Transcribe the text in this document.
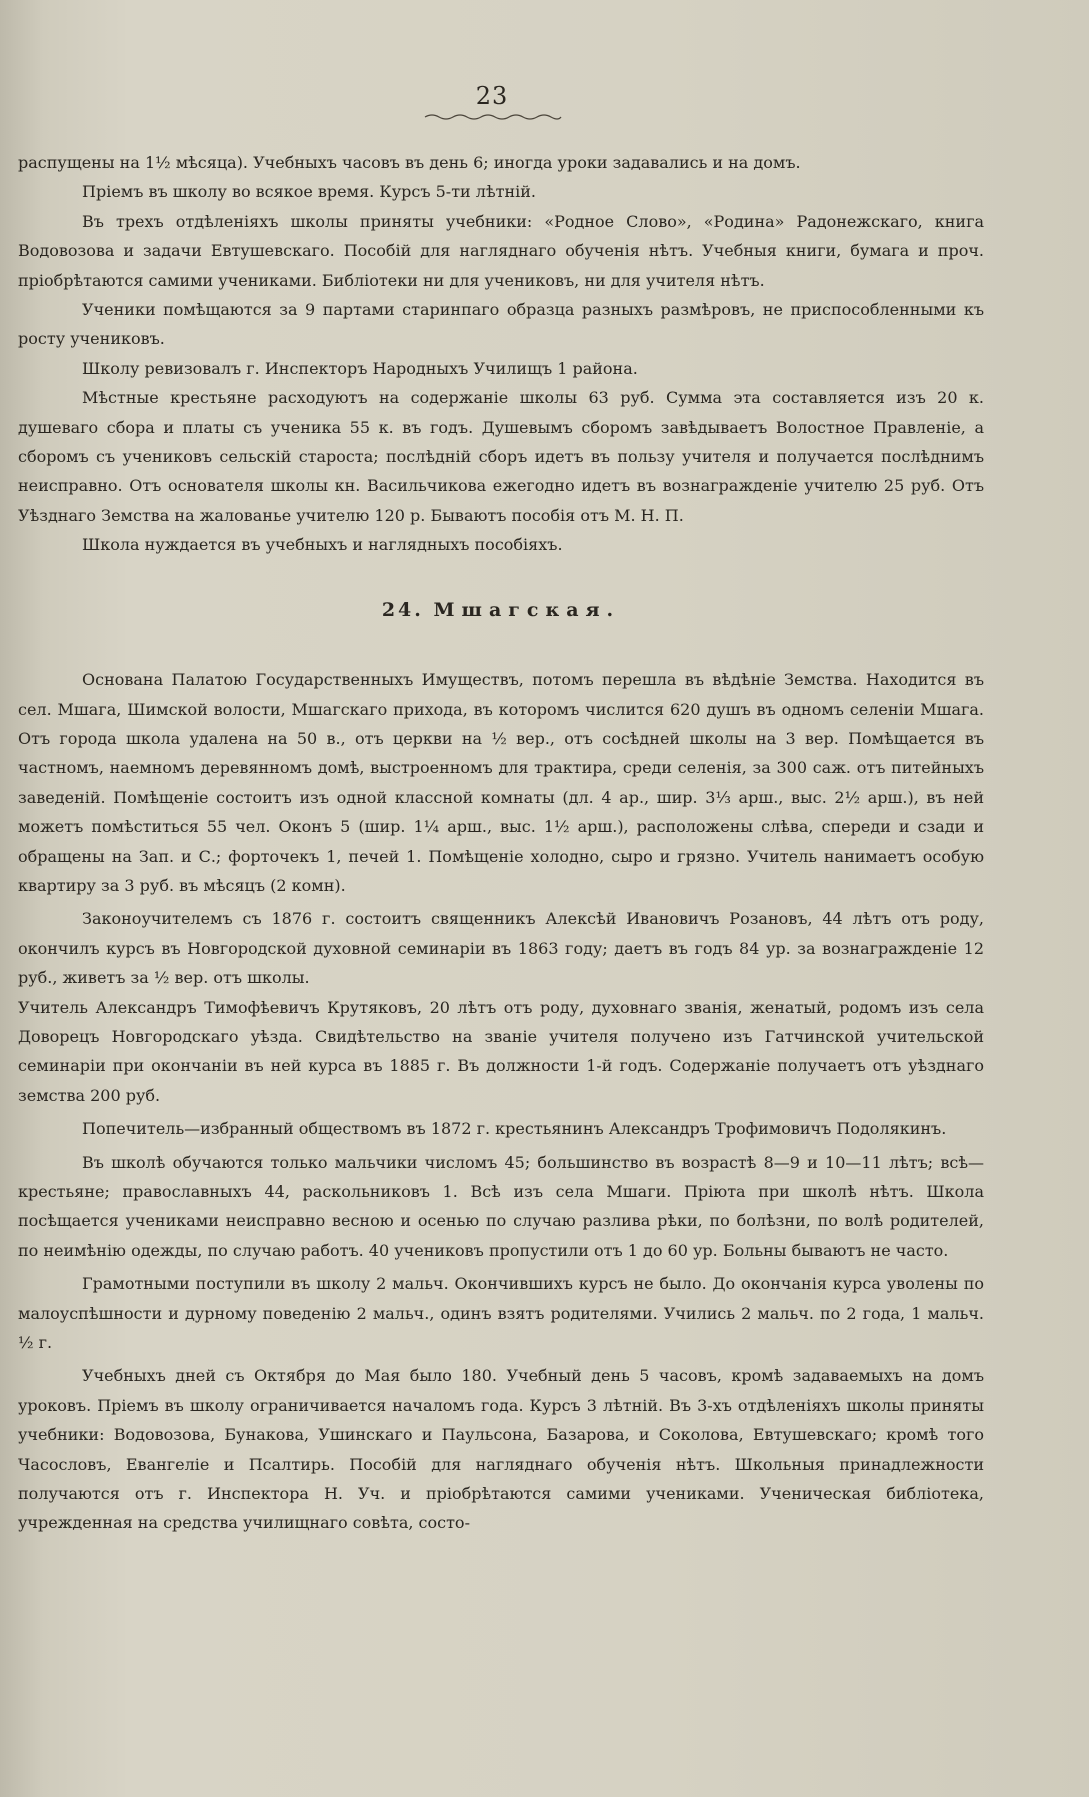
23

распущены на 1½ мѣсяца). Учебныхъ часовъ въ день 6; иногда уроки задавались и на домъ.

Пріемъ въ школу во всякое время. Курсъ 5-ти лѣтній.

Въ трехъ отдѣленіяхъ школы приняты учебники: «Родное Слово», «Родина» Радонежскаго, книга Водовозова и задачи Евтушевскаго. Пособій для нагляднаго обученія нѣтъ. Учебныя книги, бумага и проч. пріобрѣтаются самими учениками. Библіотеки ни для учениковъ, ни для учителя нѣтъ.

Ученики помѣщаются за 9 партами старинпаго образца разныхъ размѣровъ, не приспособленными къ росту учениковъ.

Школу ревизовалъ г. Инспекторъ Народныхъ Училищъ 1 района.

Мѣстные крестьяне расходуютъ на содержаніе школы 63 руб. Сумма эта составляется изъ 20 к. душеваго сбора и платы съ ученика 55 к. въ годъ. Душевымъ сборомъ завѣдываетъ Волостное Правленіе, а сборомъ съ учениковъ сельскій староста; послѣдній сборъ идетъ въ пользу учителя и получается послѣднимъ неисправно. Отъ основателя школы кн. Васильчикова ежегодно идетъ въ вознагражденіе учителю 25 руб. Отъ Уѣзднаго Земства на жалованье учителю 120 р. Бываютъ пособія отъ М. Н. П.

Школа нуждается въ учебныхъ и наглядныхъ пособіяхъ.

24. Мшагская.

Основана Палатою Государственныхъ Имуществъ, потомъ перешла въ вѣдѣніе Земства. Находится въ сел. Мшага, Шимской волости, Мшагскаго прихода, въ которомъ числится 620 душъ въ одномъ селеніи Мшага. Отъ города школа удалена на 50 в., отъ церкви на ½ вер., отъ сосѣдней школы на 3 вер. Помѣщается въ частномъ, наемномъ деревянномъ домѣ, выстроенномъ для трактира, среди селенія, за 300 саж. отъ питейныхъ заведеній. Помѣщеніе состоитъ изъ одной классной комнаты (дл. 4 ар., шир. 3⅓ арш., выс. 2½ арш.), въ ней можетъ помѣститься 55 чел. Оконъ 5 (шир. 1¼ арш., выс. 1½ арш.), расположены слѣва, спереди и сзади и обращены на Зап. и С.; форточекъ 1, печей 1. Помѣщеніе холодно, сыро и грязно. Учитель нанимаетъ особую квартиру за 3 руб. въ мѣсяцъ (2 комн).

Законоучителемъ съ 1876 г. состоитъ священникъ Алексѣй Ивановичъ Розановъ, 44 лѣтъ отъ роду, окончилъ курсъ въ Новгородской духовной семинаріи въ 1863 году; даетъ въ годъ 84 ур. за вознагражденіе 12 руб., живетъ за ½ вер. отъ школы.

Учитель Александръ Тимофѣевичъ Крутяковъ, 20 лѣтъ отъ роду, духовнаго званія, женатый, родомъ изъ села Доворецъ Новгородскаго уѣзда. Свидѣтельство на званіе учителя получено изъ Гатчинской учительской семинаріи при окончаніи въ ней курса въ 1885 г. Въ должности 1-й годъ. Содержаніе получаетъ отъ уѣзднаго земства 200 руб.

Попечитель—избранный обществомъ въ 1872 г. крестьянинъ Александръ Трофимовичъ Подолякинъ.

Въ школѣ обучаются только мальчики числомъ 45; большинство въ возрастѣ 8—9 и 10—11 лѣтъ; всѣ—крестьяне; православныхъ 44, раскольниковъ 1. Всѣ изъ села Мшаги. Пріюта при школѣ нѣтъ. Школа посѣщается учениками неисправно весною и осенью по случаю разлива рѣки, по болѣзни, по волѣ родителей, по неимѣнію одежды, по случаю работъ. 40 учениковъ пропустили отъ 1 до 60 ур. Больны бываютъ не часто.

Грамотными поступили въ школу 2 мальч. Окончившихъ курсъ не было. До окончанія курса уволены по малоуспѣшности и дурному поведенію 2 мальч., одинъ взятъ родителями. Учились 2 мальч. по 2 года, 1 мальч. ½ г.

Учебныхъ дней съ Октября до Мая было 180. Учебный день 5 часовъ, кромѣ задаваемыхъ на домъ уроковъ. Пріемъ въ школу ограничивается началомъ года. Курсъ 3 лѣтній. Въ 3-хъ отдѣленіяхъ школы приняты учебники: Водовозова, Бунакова, Ушинскаго и Паульсона, Базарова, и Соколова, Евтушевскаго; кромѣ того Часословъ, Евангеліе и Псалтирь. Пособій для нагляднаго обученія нѣтъ. Школьныя принадлежности получаются отъ г. Инспектора Н. Уч. и пріобрѣтаются самими учениками. Ученическая библіотека, учрежденная на средства училищнаго совѣта, состо-
